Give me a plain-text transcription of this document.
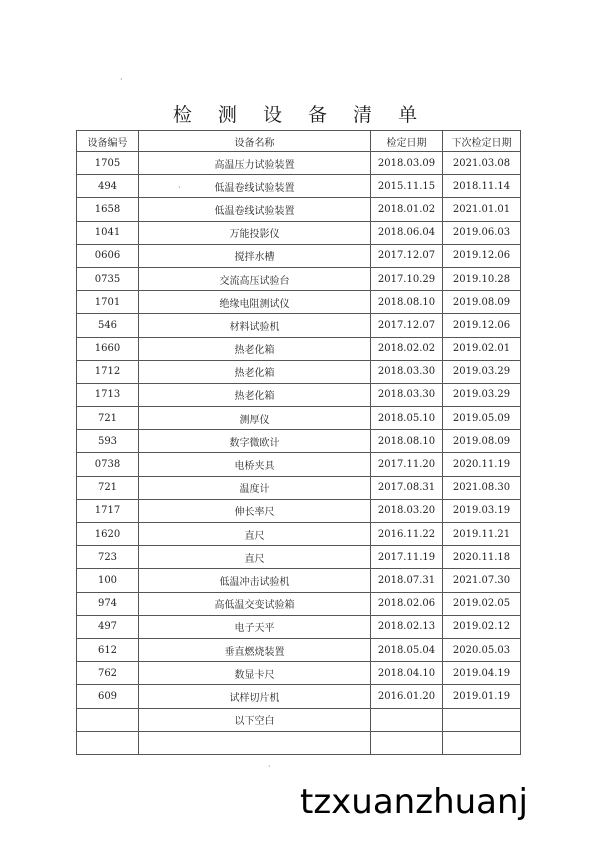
检 测 设 备 清 单
设备编号	设备名称	检定日期	下次检定日期
1705	高温压力试验装置	2018.03.09	2021.03.08
494	低温卷线试验装置	2015.11.15	2018.11.14
1658	低温卷线试验装置	2018.01.02	2021.01.01
1041	万能投影仪	2018.06.04	2019.06.03
0606	搅拌水槽	2017.12.07	2019.12.06
0735	交流高压试验台	2017.10.29	2019.10.28
1701	绝缘电阻测试仪	2018.08.10	2019.08.09
546	材料试验机	2017.12.07	2019.12.06
1660	热老化箱	2018.02.02	2019.02.01
1712	热老化箱	2018.03.30	2019.03.29
1713	热老化箱	2018.03.30	2019.03.29
721	测厚仪	2018.05.10	2019.05.09
593	数字微欧计	2018.08.10	2019.08.09
0738	电桥夹具	2017.11.20	2020.11.19
721	温度计	2017.08.31	2021.08.30
1717	伸长率尺	2018.03.20	2019.03.19
1620	直尺	2016.11.22	2019.11.21
723	直尺	2017.11.19	2020.11.18
100	低温冲击试验机	2018.07.31	2021.07.30
974	高低温交变试验箱	2018.02.06	2019.02.05
497	电子天平	2018.02.13	2019.02.12
612	垂直燃烧装置	2018.05.04	2020.05.03
762	数显卡尺	2018.04.10	2019.04.19
609	试样切片机	2016.01.20	2019.01.19
	以下空白		

·
·
·
tzxuanzhuanj
